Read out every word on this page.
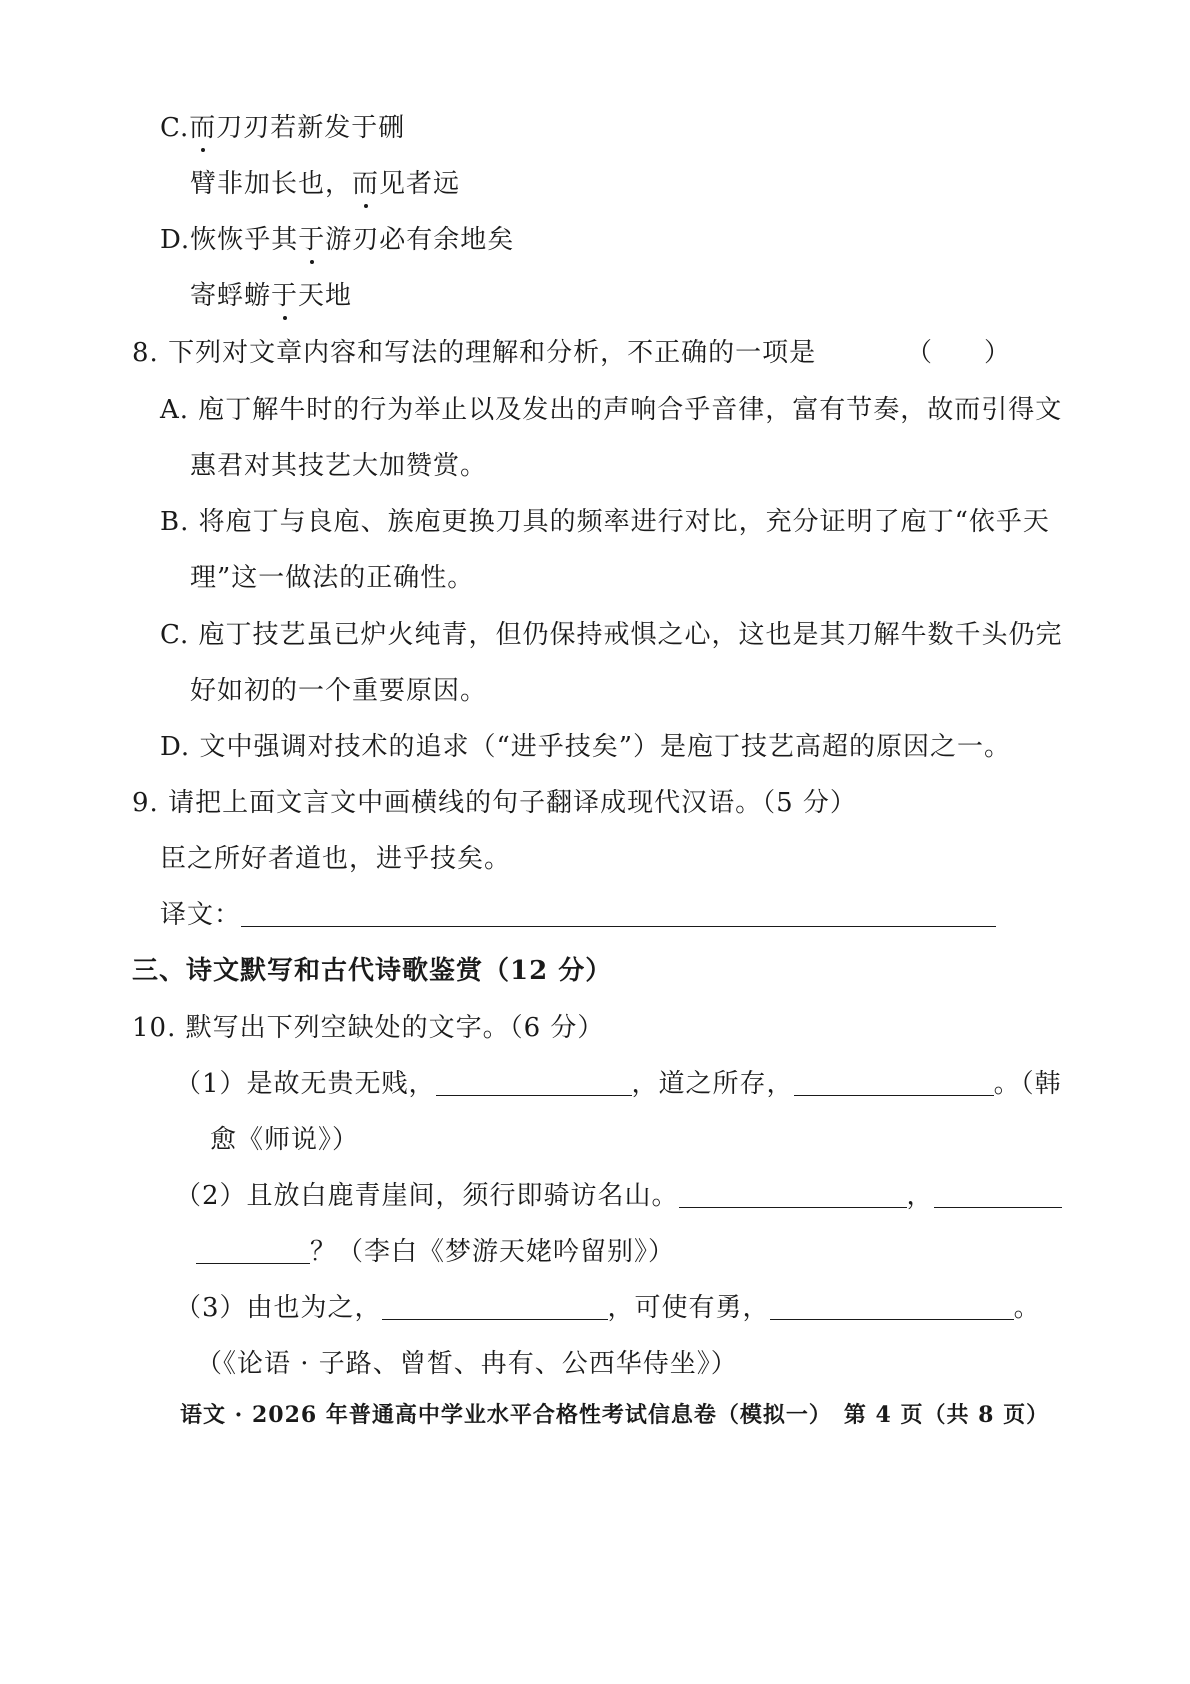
C.而刀刃若新发于硎
臂非加长也，而见者远
D.恢恢乎其于游刃必有余地矣
寄蜉蝣于天地
8. 下列对文章内容和写法的理解和分析，不正确的一项是	（　　）
A. 庖丁解牛时的行为举止以及发出的声响合乎音律，富有节奏，故而引得文
惠君对其技艺大加赞赏。
B. 将庖丁与良庖、族庖更换刀具的频率进行对比，充分证明了庖丁“依乎天
理”这一做法的正确性。
C. 庖丁技艺虽已炉火纯青，但仍保持戒惧之心，这也是其刀解牛数千头仍完
好如初的一个重要原因。
D. 文中强调对技术的追求（“进乎技矣”）是庖丁技艺高超的原因之一。
9. 请把上面文言文中画横线的句子翻译成现代汉语。（5 分）
臣之所好者道也，进乎技矣。
译文：
三、诗文默写和古代诗歌鉴赏（12 分）
10. 默写出下列空缺处的文字。（6 分）
（1）是故无贵无贱，	，道之所存，	。（韩
愈《师说》）
（2）且放白鹿青崖间，须行即骑访名山。	，
？（李白《梦游天姥吟留别》）
（3）由也为之，	，可使有勇，	。
（《论语 · 子路、曾皙、冉有、公西华侍坐》）
语文 · 2026 年普通高中学业水平合格性考试信息卷（模拟一）　第 4 页（共 8 页）
